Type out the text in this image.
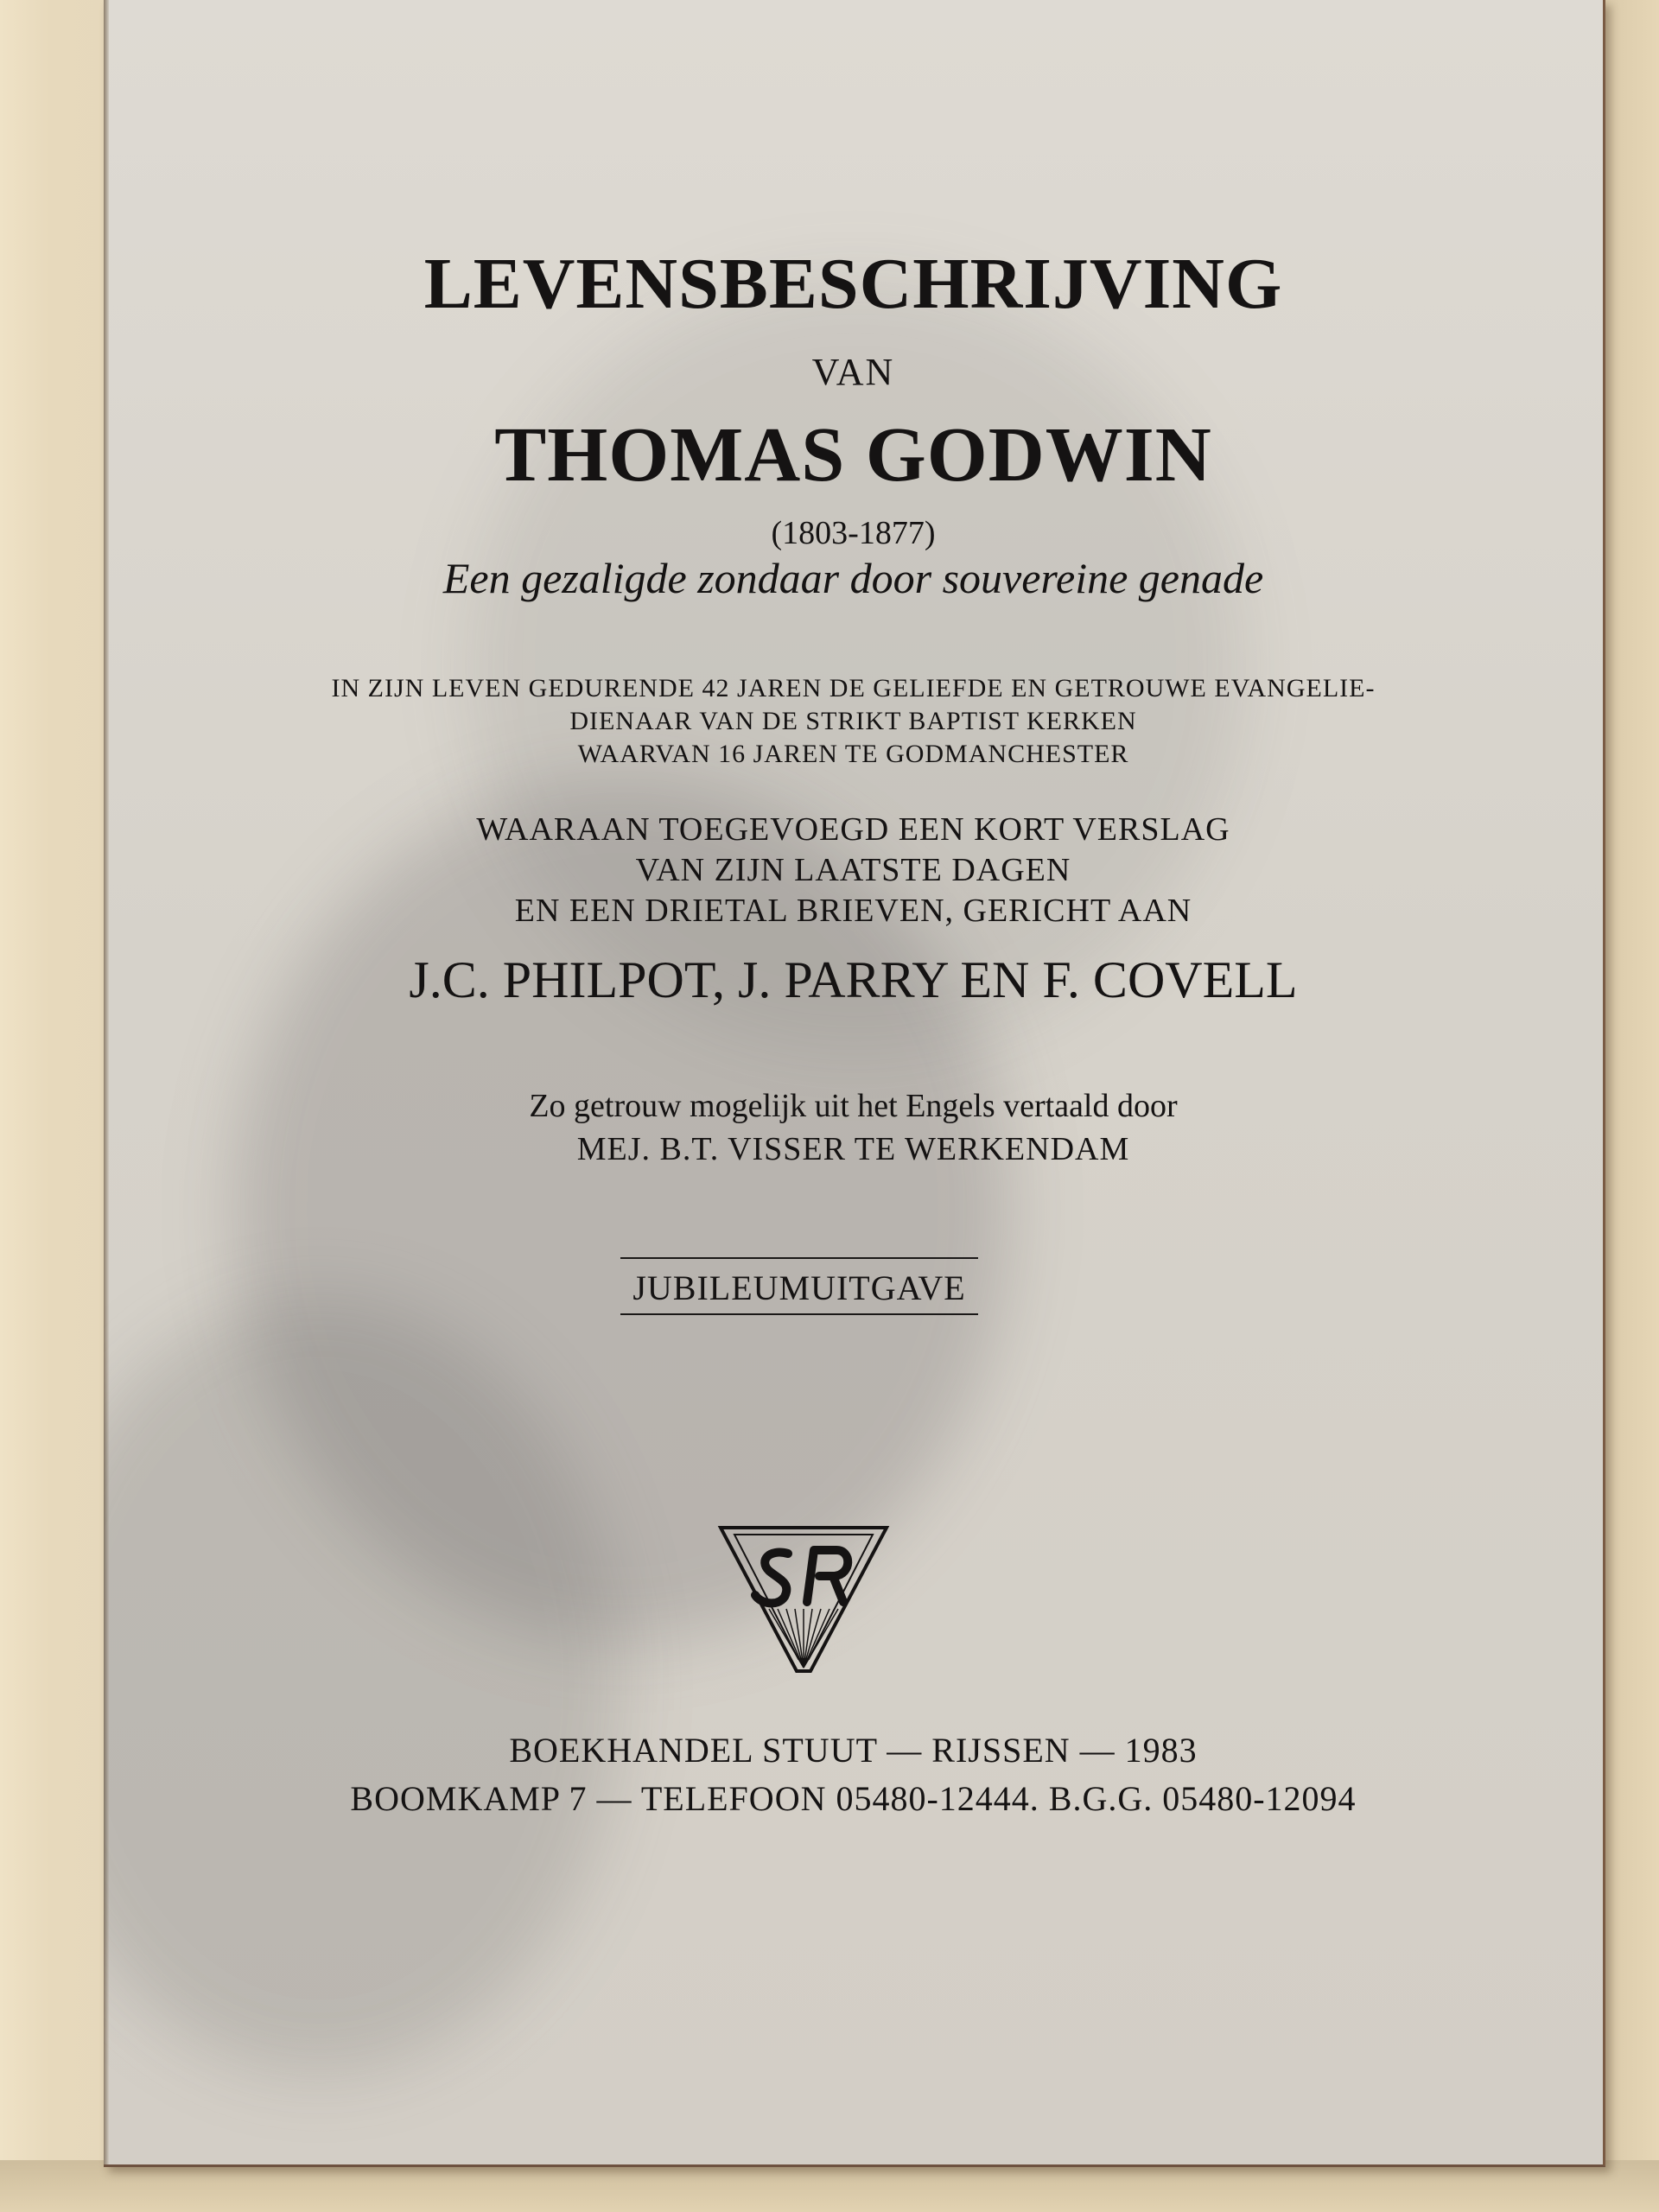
LEVENSBESCHRIJVING
VAN
THOMAS GODWIN
(1803-1877)
Een gezaligde zondaar door souvereine genade
IN ZIJN LEVEN GEDURENDE 42 JAREN DE GELIEFDE EN GETROUWE EVANGELIE-
DIENAAR VAN DE STRIKT BAPTIST KERKEN
WAARVAN 16 JAREN TE GODMANCHESTER
WAARAAN TOEGEVOEGD EEN KORT VERSLAG
VAN ZIJN LAATSTE DAGEN
EN EEN DRIETAL BRIEVEN, GERICHT AAN
J.C. PHILPOT, J. PARRY EN F. COVELL
Zo getrouw mogelijk uit het Engels vertaald door
MEJ. B.T. VISSER TE WERKENDAM
JUBILEUMUITGAVE
BOEKHANDEL STUUT — RIJSSEN — 1983
BOOMKAMP 7 — TELEFOON 05480-12444. B.G.G. 05480-12094
